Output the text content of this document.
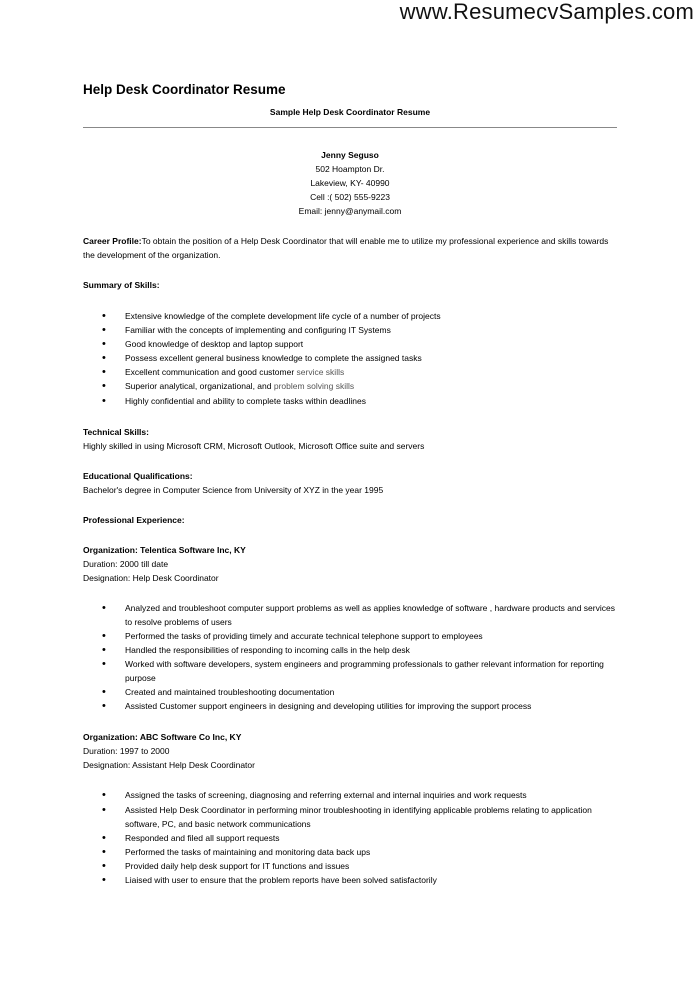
www.ResumecvSamples.com
Help Desk Coordinator Resume
Sample Help Desk Coordinator Resume
Jenny Seguso
502 Hoampton Dr.
Lakeview, KY- 40990
Cell :( 502) 555-9223
Email: jenny@anymail.com

Career Profile:To obtain the position of a Help Desk Coordinator that will enable me to utilize my professional experience and skills towards the development of the organization.

Summary of Skills:
• Extensive knowledge of the complete development life cycle of a number of projects
• Familiar with the concepts of implementing and configuring IT Systems
• Good knowledge of desktop and laptop support
• Possess excellent general business knowledge to complete the assigned tasks
• Excellent communication and good customer service skills
• Superior analytical, organizational, and problem solving skills
• Highly confidential and ability to complete tasks within deadlines
Technical Skills:

Highly skilled in using Microsoft CRM, Microsoft Outlook, Microsoft Office suite and servers

Educational Qualifications:

Bachelor's degree in Computer Science from University of XYZ in the year 1995

Professional Experience:
Organization: Telentica Software Inc, KY

Duration: 2000 till date

Designation: Help Desk Coordinator

• Analyzed and troubleshoot computer support problems as well as applies knowledge of software , hardware products and services to resolve problems of users
• Performed the tasks of providing timely and accurate technical telephone support to employees
• Handled the responsibilities of responding to incoming calls in the help desk
• Worked with software developers, system engineers and programming professionals to gather relevant information for reporting purpose
• Created and maintained troubleshooting documentation
• Assisted Customer support engineers in designing and developing utilities for improving the support process
Organization: ABC Software Co Inc, KY

Duration: 1997 to 2000

Designation: Assistant Help Desk Coordinator

• Assigned the tasks of screening, diagnosing and referring external and internal inquiries and work requests
• Assisted Help Desk Coordinator in performing minor troubleshooting in identifying applicable problems relating to application software, PC, and basic network communications
• Responded and filed all support requests
• Performed the tasks of maintaining and monitoring data back ups
• Provided daily help desk support for IT functions and issues
• Liaised with user to ensure that the problem reports have been solved satisfactorily
